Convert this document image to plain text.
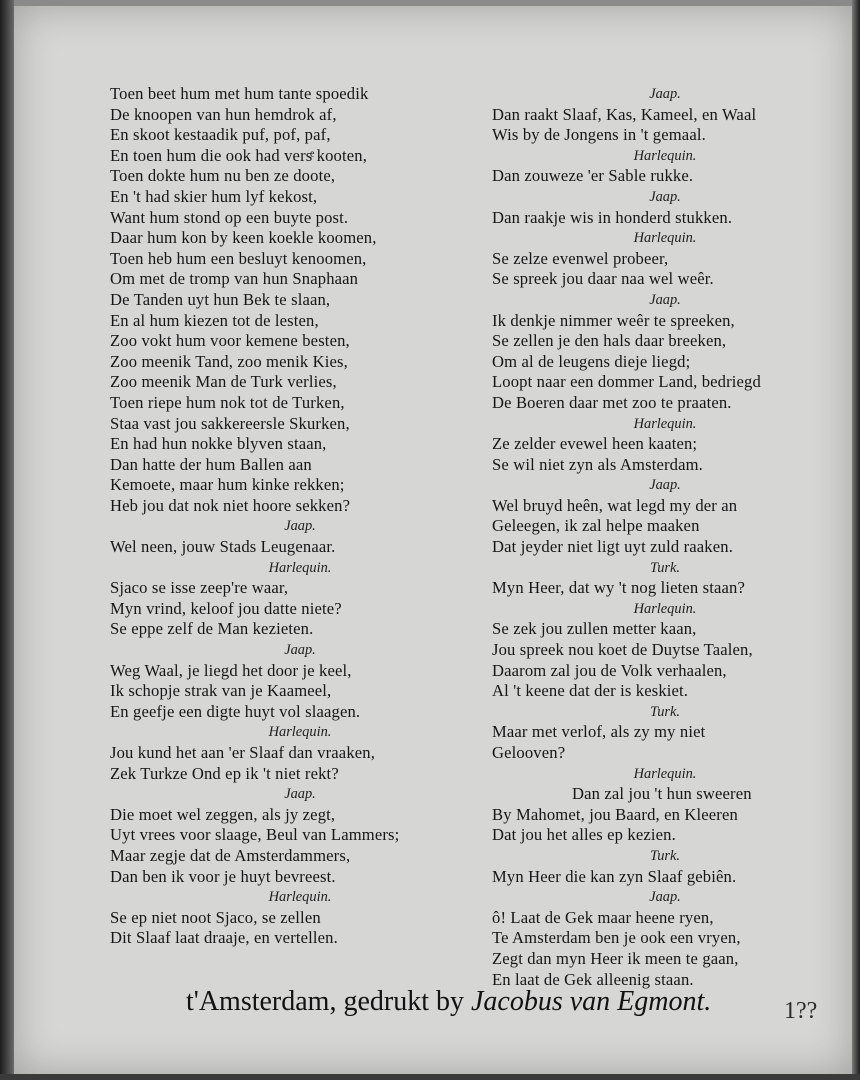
Toen beet hum met hum tante spoedik
De knoopen van hun hemdrok af,
En skoot kestaadik puf, pof, paf,
En toen hum die ook had versͤ kooten,
Toen dokte hum nu ben ze doote,
En 't had skier hum lyf kekost,
Want hum stond op een buyte post.
Daar hum kon by keen koekle koomen,
Toen heb hum een besluyt kenoomen,
Om met de tromp van hun Snaphaan
De Tanden uyt hun Bek te slaan,
En al hum kiezen tot de lesten,
Zoo vokt hum voor kemene besten,
Zoo meenik Tand, zoo menik Kies,
Zoo meenik Man de Turk verlies,
Toen riepe hum nok tot de Turken,
Staa vast jou sakkereersle Skurken,
En had hun nokke blyven staan,
Dan hatte der hum Ballen aan
Kemoete, maar hum kinke rekken;
Heb jou dat nok niet hoore sekken?
Jaap.
Wel neen, jouw Stads Leugenaar.
Harlequin.
Sjaco se isse zeep're waar,
Myn vrind, keloof jou datte niete?
Se eppe zelf de Man kezieten.
Jaap.
Weg Waal, je liegd het door je keel,
Ik schopje strak van je Kaameel,
En geefje een digte huyt vol slaagen.
Harlequin.
Jou kund het aan 'er Slaaf dan vraaken,
Zek Turkze Ond ep ik 't niet rekt?
Jaap.
Die moet wel zeggen, als jy zegt,
Uyt vrees voor slaage, Beul van Lammers;
Maar zegje dat de Amsterdammers,
Dan ben ik voor je huyt bevreest.
Harlequin.
Se ep niet noot Sjaco, se zellen
Dit Slaaf laat draaje, en vertellen.
Jaap.
Dan raakt Slaaf, Kas, Kameel, en Waal
Wis by de Jongens in 't gemaal.
Harlequin.
Dan zouweze 'er Sable rukke.
Jaap.
Dan raakje wis in honderd stukken.
Harlequin.
Se zelze evenwel probeer,
Se spreek jou daar naa wel weêr.
Jaap.
Ik denkje nimmer weêr te spreeken,
Se zellen je den hals daar breeken,
Om al de leugens dieje liegd;
Loopt naar een dommer Land, bedriegd
De Boeren daar met zoo te praaten.
Harlequin.
Ze zelder evewel heen kaaten;
Se wil niet zyn als Amsterdam.
Jaap.
Wel bruyd heên, wat legd my der an
Geleegen, ik zal helpe maaken
Dat jeyder niet ligt uyt zuld raaken.
Turk.
Myn Heer, dat wy 't nog lieten staan?
Harlequin.
Se zek jou zullen metter kaan,
Jou spreek nou koet de Duytse Taalen,
Daarom zal jou de Volk verhaalen,
Al 't keene dat der is keskiet.
Turk.
Maar met verlof, als zy my niet
Gelooven?
Harlequin.
Dan zal jou 't hun sweeren
By Mahomet, jou Baard, en Kleeren
Dat jou het alles ep kezien.
Turk.
Myn Heer die kan zyn Slaaf gebiên.
Jaap.
ô! Laat de Gek maar heene ryen,
Te Amsterdam ben je ook een vryen,
Zegt dan myn Heer ik meen te gaan,
En laat de Gek alleenig staan.
t'Amsterdam, gedrukt by Jacobus van Egmont.	1??
